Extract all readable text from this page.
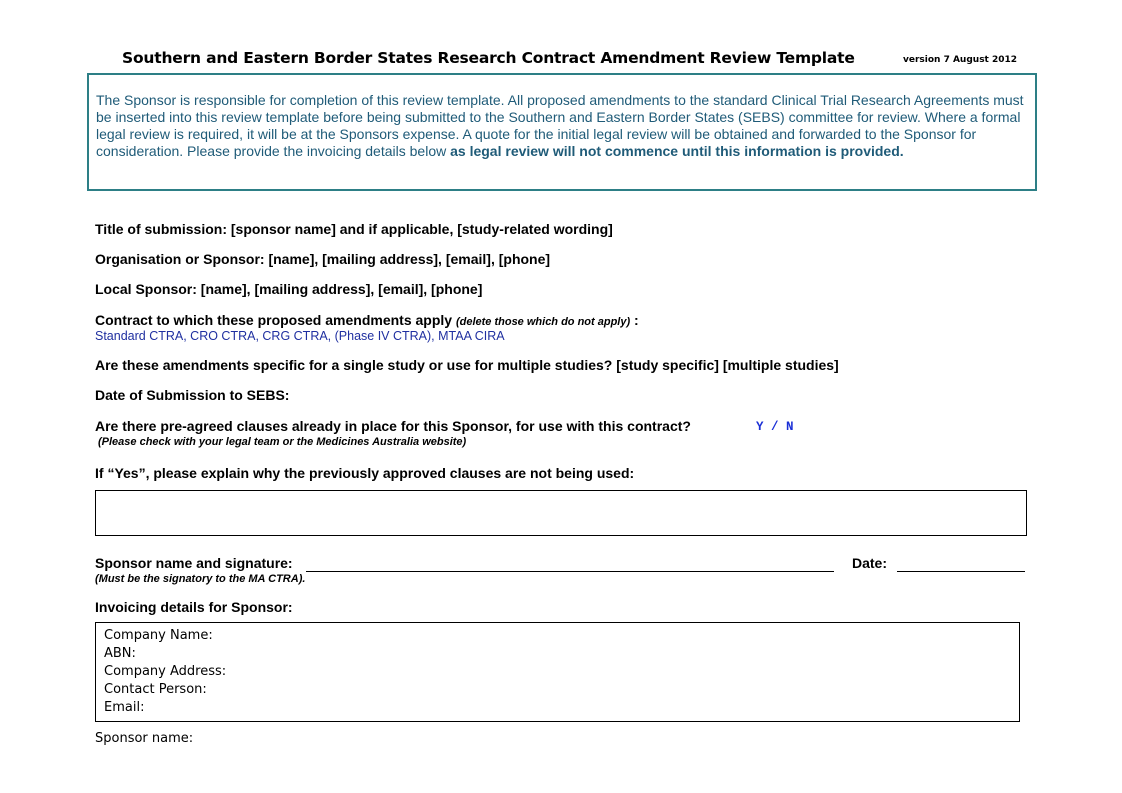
Southern and Eastern Border States Research Contract Amendment Review Template	version 7 August 2012
The Sponsor is responsible for completion of this review template. All proposed amendments to the standard Clinical Trial Research Agreements must be inserted into this review template before being submitted to the Southern and Eastern Border States (SEBS) committee for review. Where a formal legal review is required, it will be at the Sponsors expense. A quote for the initial legal review will be obtained and forwarded to the Sponsor for consideration. Please provide the invoicing details below as legal review will not commence until this information is provided.
Title of submission: [sponsor name] and if applicable, [study-related wording]
Organisation or Sponsor: [name], [mailing address], [email], [phone]
Local Sponsor: [name], [mailing address], [email], [phone]
Contract to which these proposed amendments apply (delete those which do not apply) :
Standard CTRA, CRO CTRA, CRG CTRA, (Phase IV CTRA), MTAA CIRA
Are these amendments specific for a single study or use for multiple studies? [study specific] [multiple studies]
Date of Submission to SEBS:
Are there pre-agreed clauses already in place for this Sponsor, for use with this contract?	Y / N
(Please check with your legal team or the Medicines Australia website)
If “Yes”, please explain why the previously approved clauses are not being used:
Sponsor name and signature:	Date:
(Must be the signatory to the MA CTRA).
Invoicing details for Sponsor:
Company Name:
ABN:
Company Address:
Contact Person:
Email:
Sponsor name:
